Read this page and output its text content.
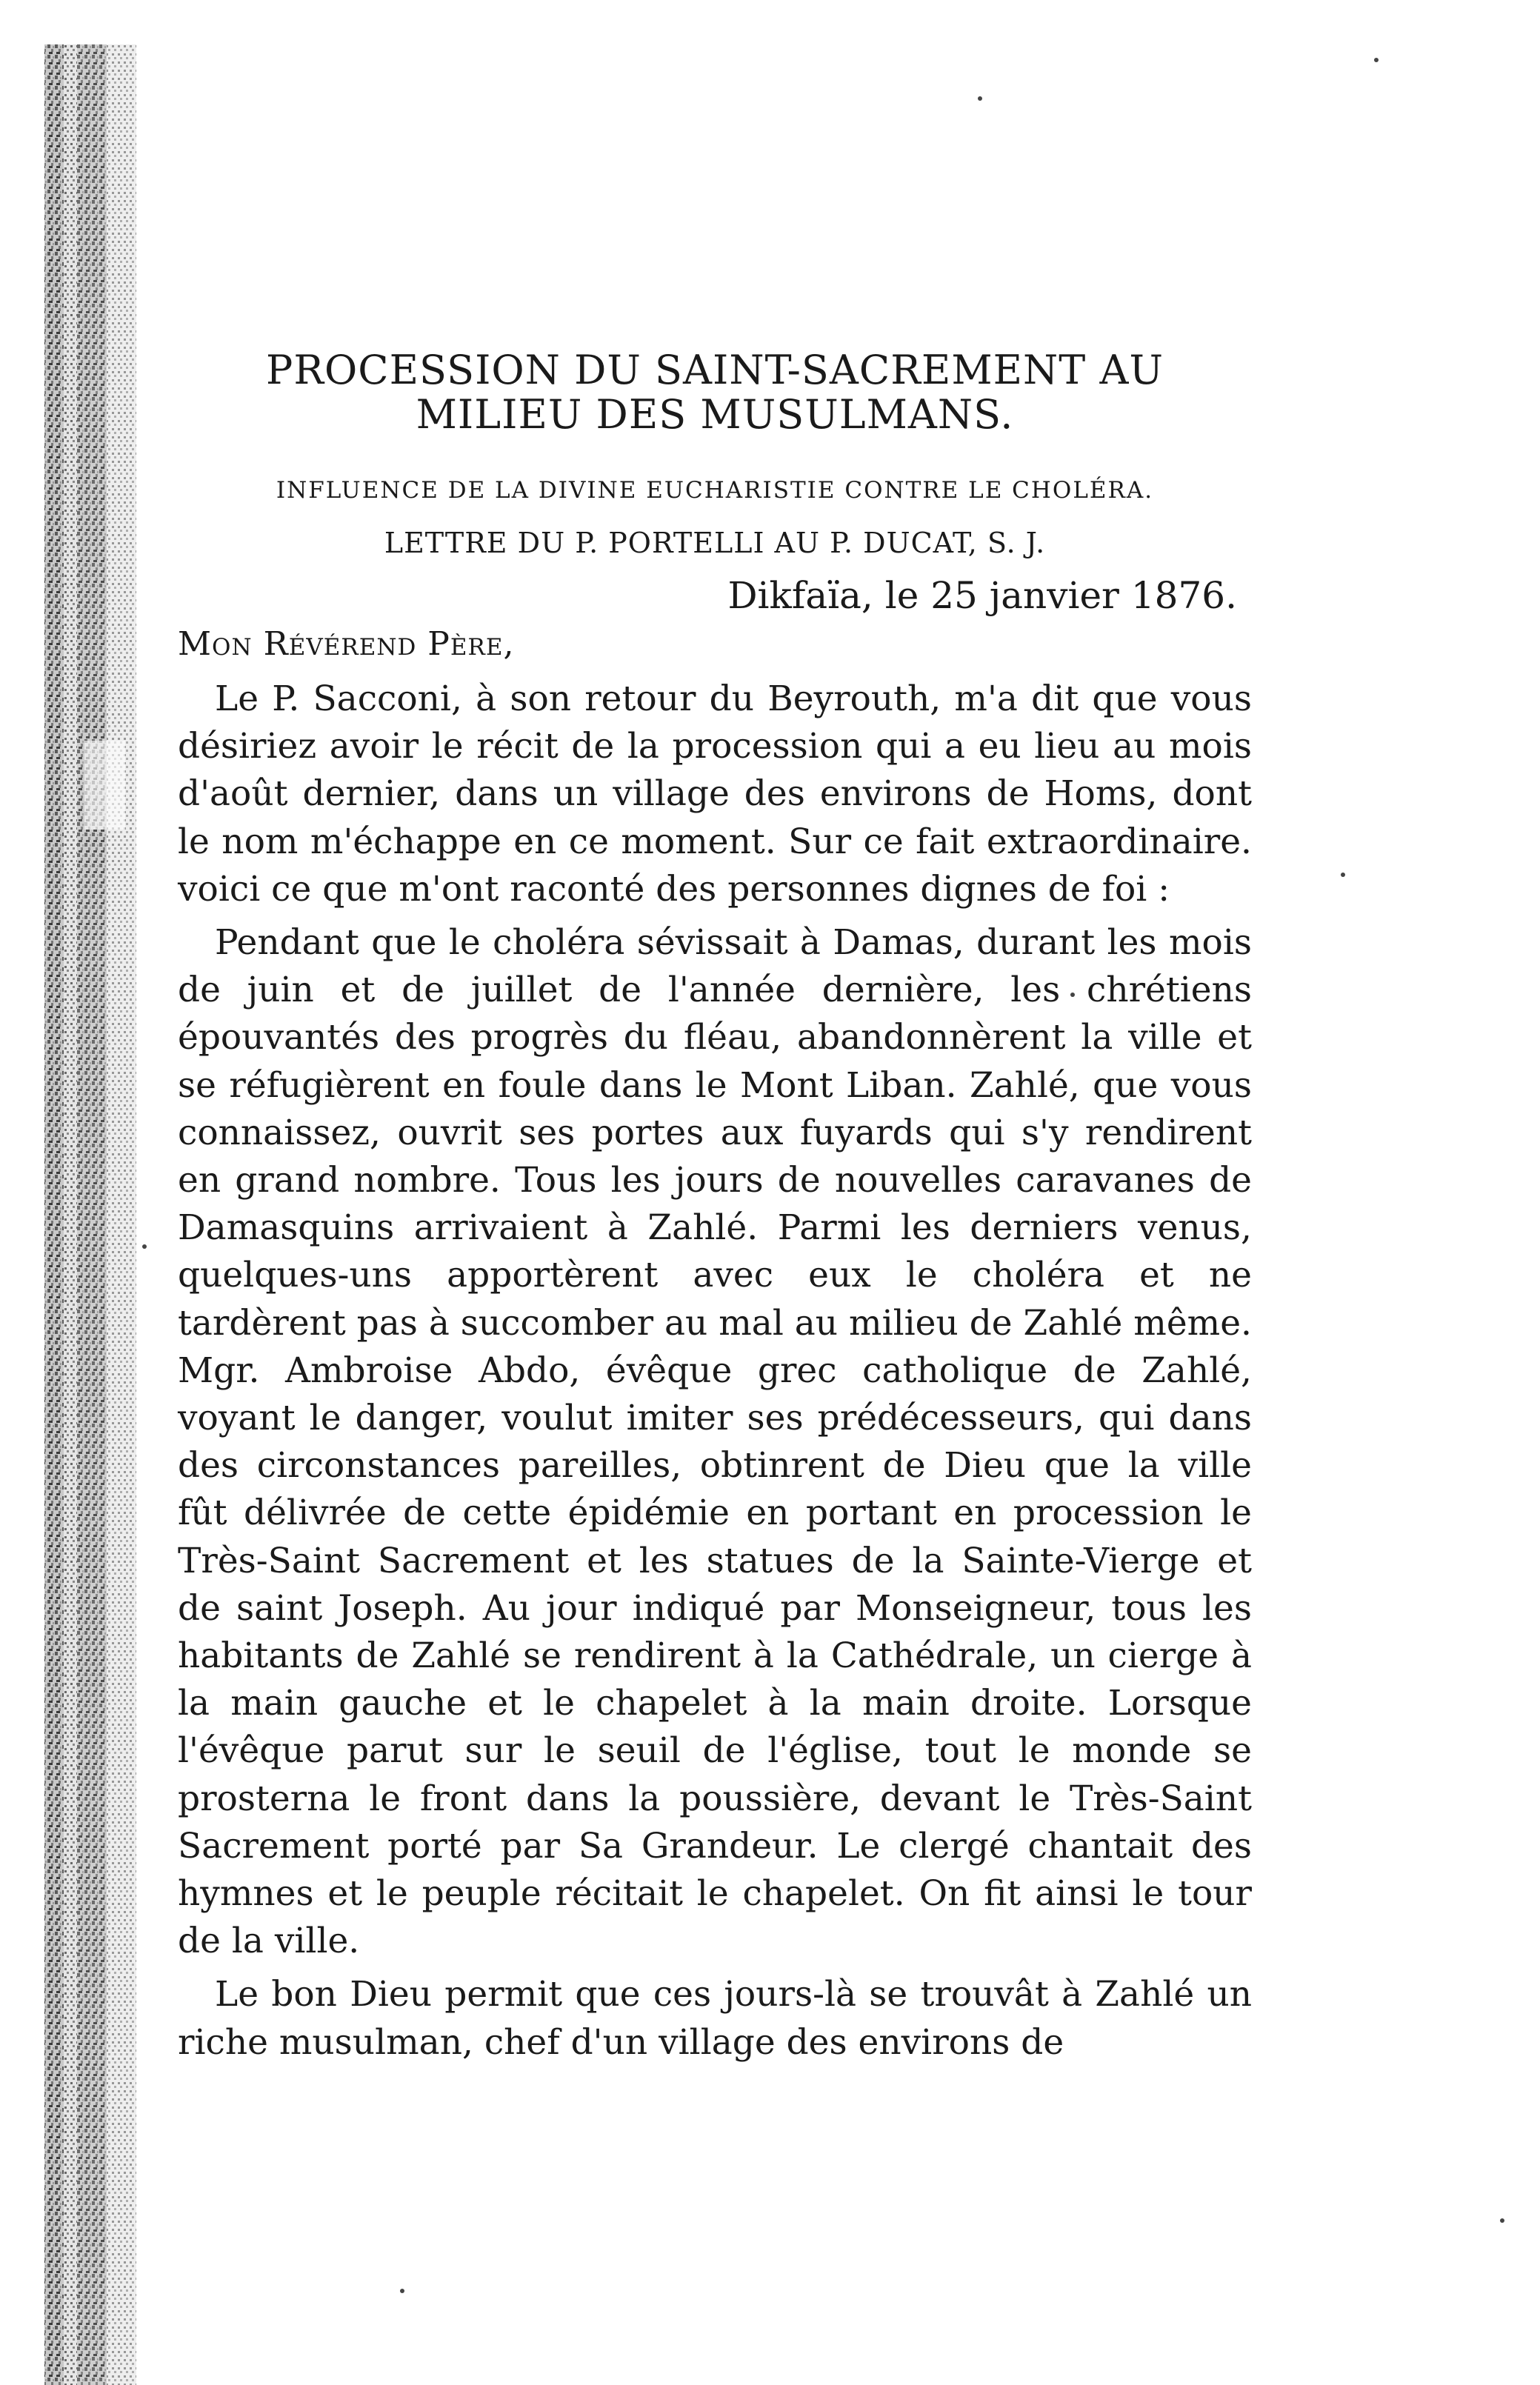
PROCESSION DU SAINT-SACREMENT AU MILIEU DES MUSULMANS.
INFLUENCE DE LA DIVINE EUCHARISTIE CONTRE LE CHOLÉRA.
LETTRE DU P. PORTELLI AU P. DUCAT, S. J.
Dikfaïa, le 25 janvier 1876.
Mon Révérend Père,

Le P. Sacconi, à son retour du Beyrouth, m'a dit que vous désiriez avoir le récit de la procession qui a eu lieu au mois d'août dernier, dans un village des environs de Homs, dont le nom m'échappe en ce moment. Sur ce fait extraordinaire. voici ce que m'ont raconté des personnes dignes de foi :

Pendant que le choléra sévissait à Damas, durant les mois de juin et de juillet de l'année dernière, les chrétiens épouvantés des progrès du fléau, abandonnèrent la ville et se réfugièrent en foule dans le Mont Liban. Zahlé, que vous connaissez, ouvrit ses portes aux fuyards qui s'y rendirent en grand nombre. Tous les jours de nouvelles caravanes de Damasquins arrivaient à Zahlé. Parmi les derniers venus, quelques-uns apportèrent avec eux le choléra et ne tardèrent pas à succomber au mal au milieu de Zahlé même. Mgr. Ambroise Abdo, évêque grec catholique de Zahlé, voyant le danger, voulut imiter ses prédécesseurs, qui dans des circonstances pareilles, obtinrent de Dieu que la ville fût délivrée de cette épidémie en portant en procession le Très-Saint Sacrement et les statues de la Sainte-Vierge et de saint Joseph. Au jour indiqué par Monseigneur, tous les habitants de Zahlé se rendirent à la Cathédrale, un cierge à la main gauche et le chapelet à la main droite. Lorsque l'évêque parut sur le seuil de l'église, tout le monde se prosterna le front dans la poussière, devant le Très-Saint Sacrement porté par Sa Grandeur. Le clergé chantait des hymnes et le peuple récitait le chapelet. On fit ainsi le tour de la ville.

Le bon Dieu permit que ces jours-là se trouvât à Zahlé un riche musulman, chef d'un village des environs de
